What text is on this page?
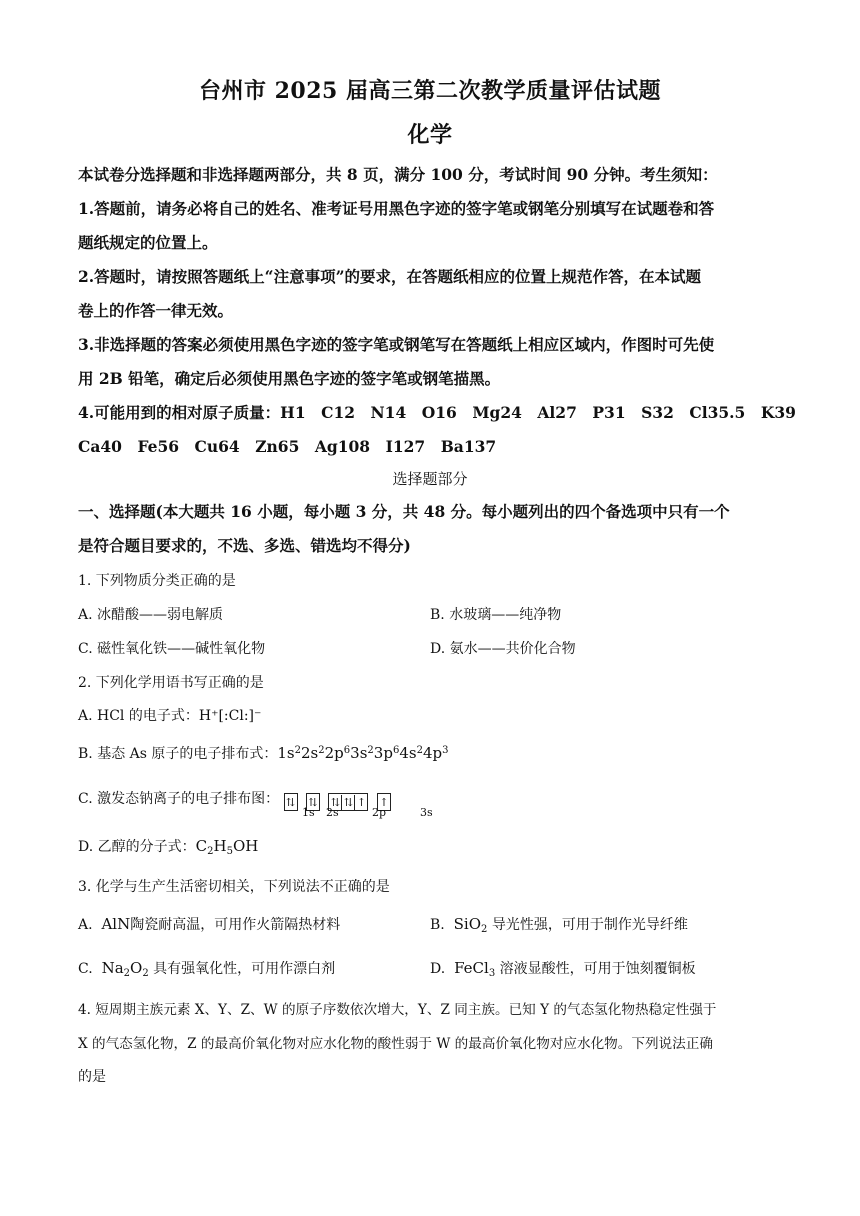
台州市 2025 届高三第二次教学质量评估试题
化学
本试卷分选择题和非选择题两部分，共 8 页，满分 100 分，考试时间 90 分钟。考生须知：
1.答题前，请务必将自己的姓名、准考证号用黑色字迹的签字笔或钢笔分别填写在试题卷和答
题纸规定的位置上。
2.答题时，请按照答题纸上“注意事项”的要求，在答题纸相应的位置上规范作答，在本试题
卷上的作答一律无效。
3.非选择题的答案必须使用黑色字迹的签字笔或钢笔写在答题纸上相应区域内，作图时可先使
用 2B 铅笔，确定后必须使用黑色字迹的签字笔或钢笔描黑。
4.可能用到的相对原子质量：H1　C12　N14　O16　Mg24　Al27　P31　S32　Cl35.5　K39
Ca40　Fe56　Cu64　Zn65　Ag108　I127　Ba137
选择题部分
一、选择题(本大题共 16 小题，每小题 3 分，共 48 分。每小题列出的四个备选项中只有一个
是符合题目要求的，不选、多选、错选均不得分)
1. 下列物质分类正确的是
A. 冰醋酸——弱电解质	B. 水玻璃——纯净物
C. 磁性氧化铁——碱性氧化物	D. 氨水——共价化合物
2. 下列化学用语书写正确的是
A. HCl 的电子式：H⁺[:Cl:]⁻
B. 基态 As 原子的电子排布式：$1s^22s^22p^63s^23p^64s^24p^3$
C. 激发态钠离子的电子排布图： ⇅ ⇅ ⇅ ⇅ ↑ ↑
1s 2s	2p	3s
D. 乙醇的分子式：$C_2H_5OH$
3. 化学与生产生活密切相关，下列说法不正确的是
A.  AlN陶瓷耐高温，可用作火箭隔热材料	B.  SiO$_2$ 导光性强，可用于制作光导纤维
C.  $Na_2O_2$ 具有强氧化性，可用作漂白剂	D.  FeCl$_3$ 溶液显酸性，可用于蚀刻覆铜板
4. 短周期主族元素 X、Y、Z、W 的原子序数依次增大，Y、Z 同主族。已知 Y 的气态氢化物热稳定性强于
X 的气态氢化物，Z 的最高价氧化物对应水化物的酸性弱于 W 的最高价氧化物对应水化物。下列说法正确
的是
